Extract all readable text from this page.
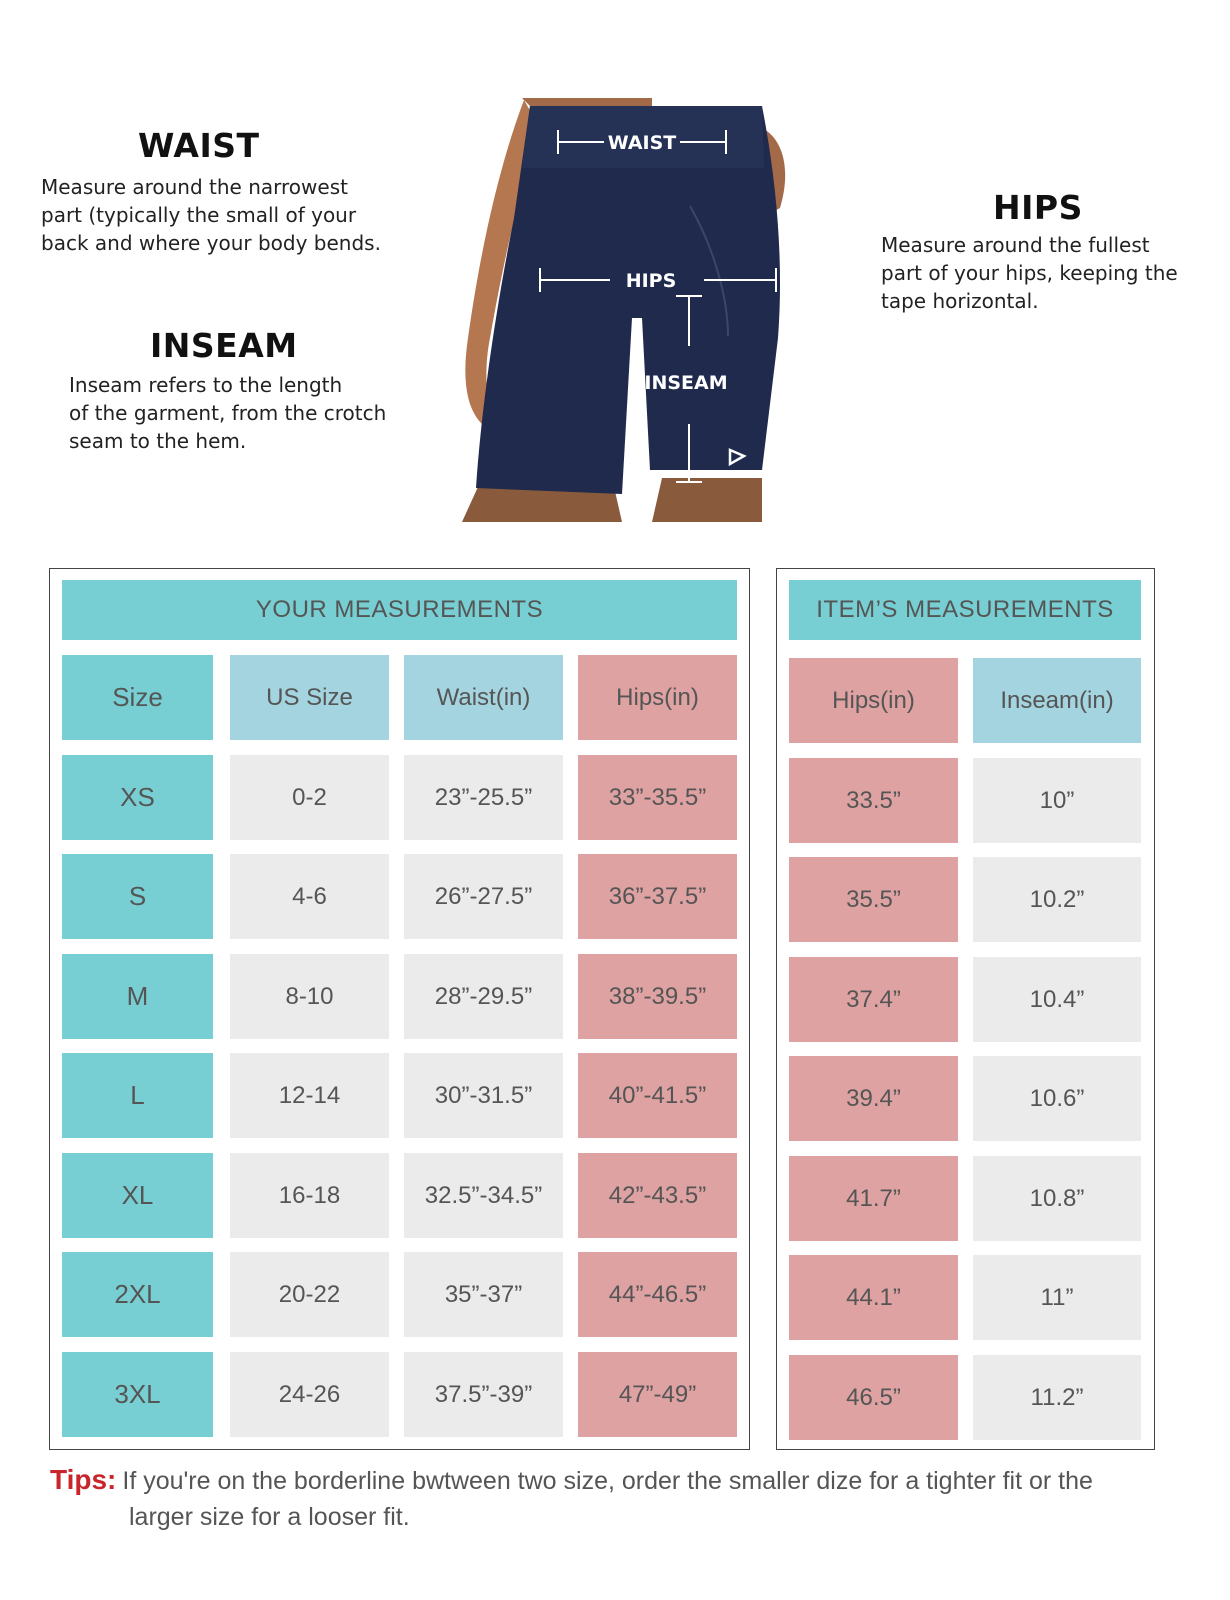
WAIST
Measure around the narrowest
part (typically the small of your
back and where your body bends.
INSEAM
Inseam refers to the length
of the garment, from the crotch
seam to the hem.
HIPS
Measure around the fullest
part of your hips, keeping the
tape horizontal.
WAIST
HIPS
INSEAM
YOUR MEASUREMENTS
Size	US Size	Waist(in)	Hips(in)
XS	0-2	23”-25.5”	33”-35.5”
S	4-6	26”-27.5”	36”-37.5”
M	8-10	28”-29.5”	38”-39.5”
L	12-14	30”-31.5”	40”-41.5”
XL	16-18	32.5”-34.5”	42”-43.5”
2XL	20-22	35”-37”	44”-46.5”
3XL	24-26	37.5”-39”	47”-49”
ITEM’S MEASUREMENTS
Hips(in)	Inseam(in)
33.5”	10”
35.5”	10.2”
37.4”	10.4”
39.4”	10.6”
41.7”	10.8”
44.1”	11”
46.5”	11.2”
Tips: If you're on the borderline bwtween two size, order the smaller dize for a tighter fit or the
larger size for a looser fit.
